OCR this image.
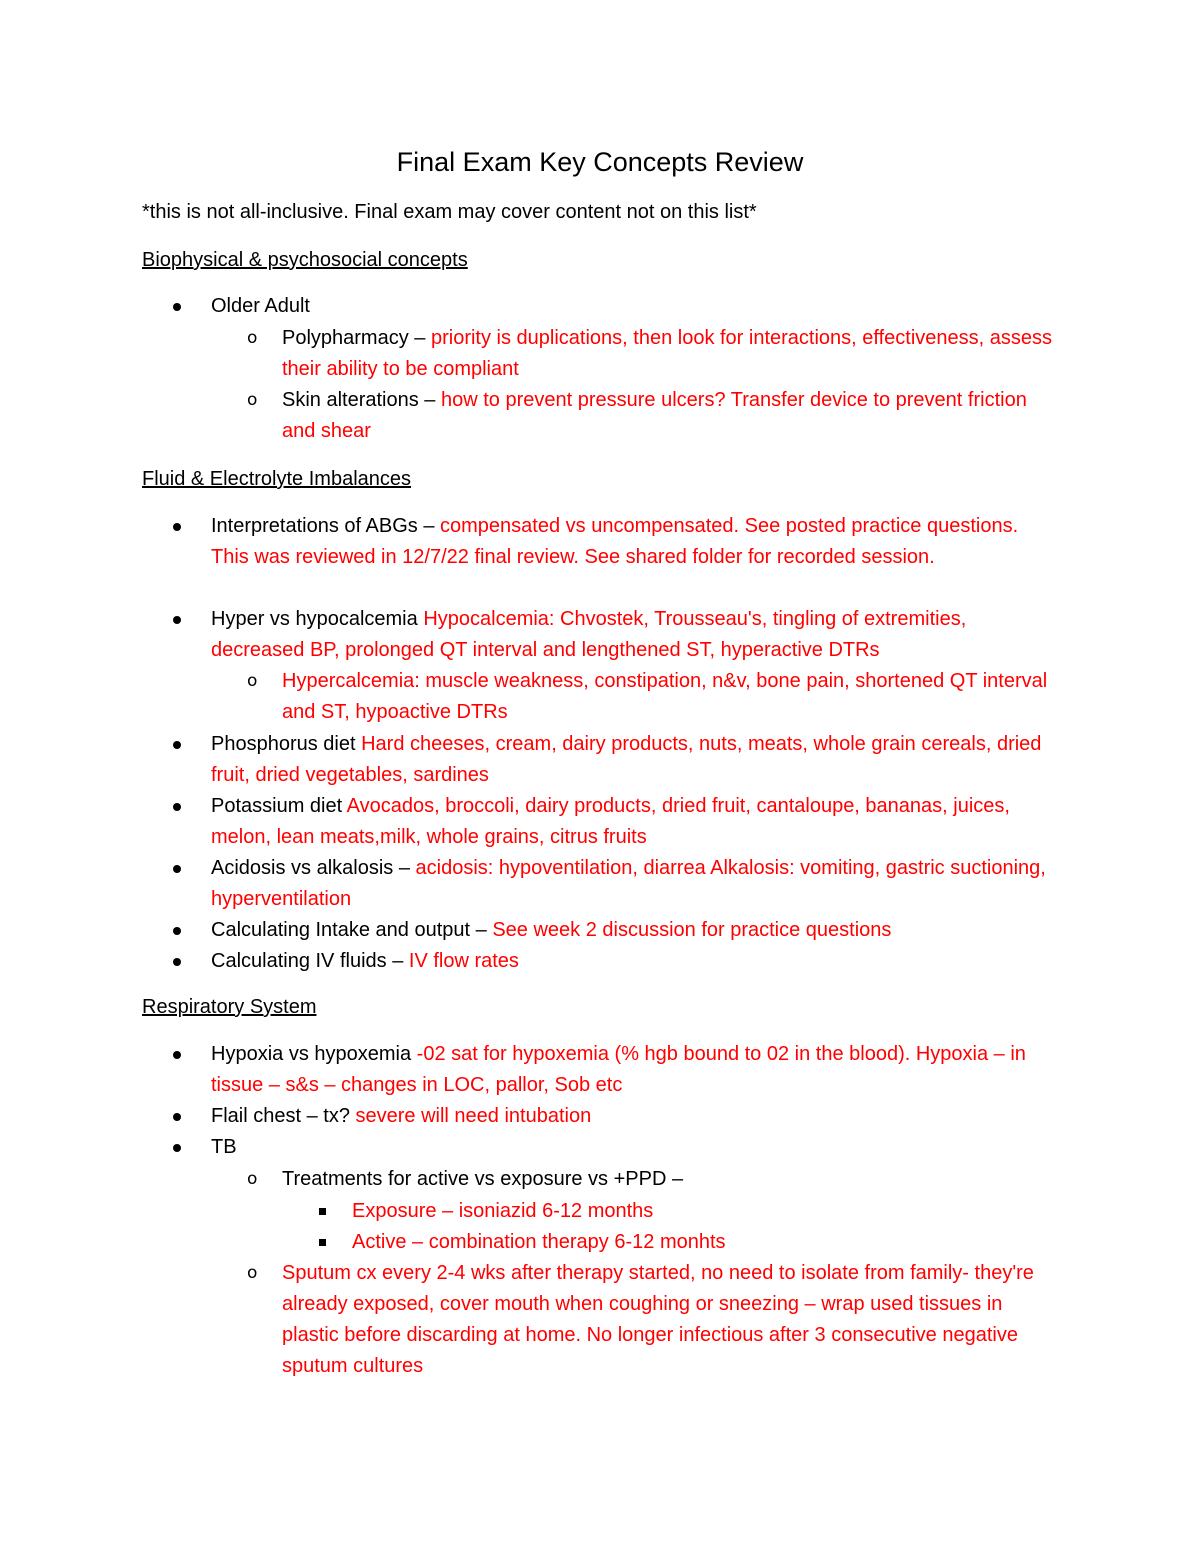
Final Exam Key Concepts Review
*this is not all-inclusive. Final exam may cover content not on this list*
Biophysical & psychosocial concepts
Older Adult
o Polypharmacy – priority is duplications, then look for interactions, effectiveness, assess their ability to be compliant
o Skin alterations – how to prevent pressure ulcers? Transfer device to prevent friction and shear
Fluid & Electrolyte Imbalances
Interpretations of ABGs – compensated vs uncompensated. See posted practice questions. This was reviewed in 12/7/22 final review. See shared folder for recorded session.
Hyper vs hypocalcemia Hypocalcemia: Chvostek, Trousseau's, tingling of extremities, decreased BP, prolonged QT interval and lengthened ST, hyperactive DTRs
o Hypercalcemia: muscle weakness, constipation, n&v, bone pain, shortened QT interval and ST, hypoactive DTRs
Phosphorus diet Hard cheeses, cream, dairy products, nuts, meats, whole grain cereals, dried fruit, dried vegetables, sardines
Potassium diet Avocados, broccoli, dairy products, dried fruit, cantaloupe, bananas, juices, melon, lean meats,milk, whole grains, citrus fruits
Acidosis vs alkalosis – acidosis: hypoventilation, diarrea Alkalosis: vomiting, gastric suctioning, hyperventilation
Calculating Intake and output – See week 2 discussion for practice questions
Calculating IV fluids – IV flow rates
Respiratory System
Hypoxia vs hypoxemia -02 sat for hypoxemia (% hgb bound to 02 in the blood). Hypoxia – in tissue – s&s – changes in LOC, pallor, Sob etc
Flail chest – tx? severe will need intubation
TB
o Treatments for active vs exposure vs +PPD –
Exposure – isoniazid 6-12 months
Active – combination therapy 6-12 monhts
o Sputum cx every 2-4 wks after therapy started, no need to isolate from family- they're already exposed, cover mouth when coughing or sneezing – wrap used tissues in plastic before discarding at home. No longer infectious after 3 consecutive negative sputum cultures
